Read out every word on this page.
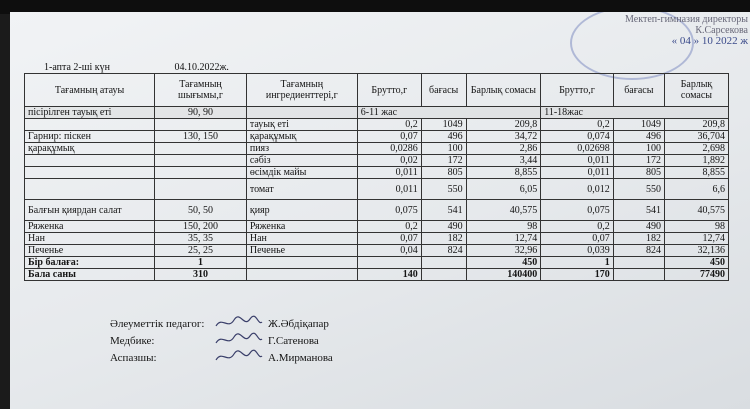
Мектеп-гимназия директоры
К.Сарсекова
« 04 » 10 2022 ж
1-апта 2-ші күн	04.10.2022ж.
Тағамның атауы	Тағамның шығымы,г	Тағамның ингредиенттері,г	Брутто,г	бағасы	Барлық сомасы	Брутто,г	бағасы	Барлық сомасы
пісірілген тауық еті	90, 90		6-11 жас			11-18жас		
		тауық еті	0,2	1049	209,8	0,2	1049	209,8
Гарнир: піскен	130, 150	қарақұмық	0,07	496	34,72	0,074	496	36,704
қарақұмық		пияз	0,0286	100	2,86	0,02698	100	2,698
		сәбіз	0,02	172	3,44	0,011	172	1,892
		өсімдік майы	0,011	805	8,855	0,011	805	8,855
		томат	0,011	550	6,05	0,012	550	6,6
Балғын қиярдан салат	50, 50	қияр	0,075	541	40,575	0,075	541	40,575
Ряженка	150, 200	Ряженка	0,2	490	98	0,2	490	98
Нан	35, 35	Нан	0,07	182	12,74	0,07	182	12,74
Печенье	25, 25	Печенье	0,04	824	32,96	0,039	824	32,136
Бір балаға:	1				450	1		450
Бала саны	310		140		140400	170		77490
Әлеуметтік педагог:	Ж.Әбдіқапар
Медбике:	Г.Сатенова
Аспазшы:	А.Мирманова
